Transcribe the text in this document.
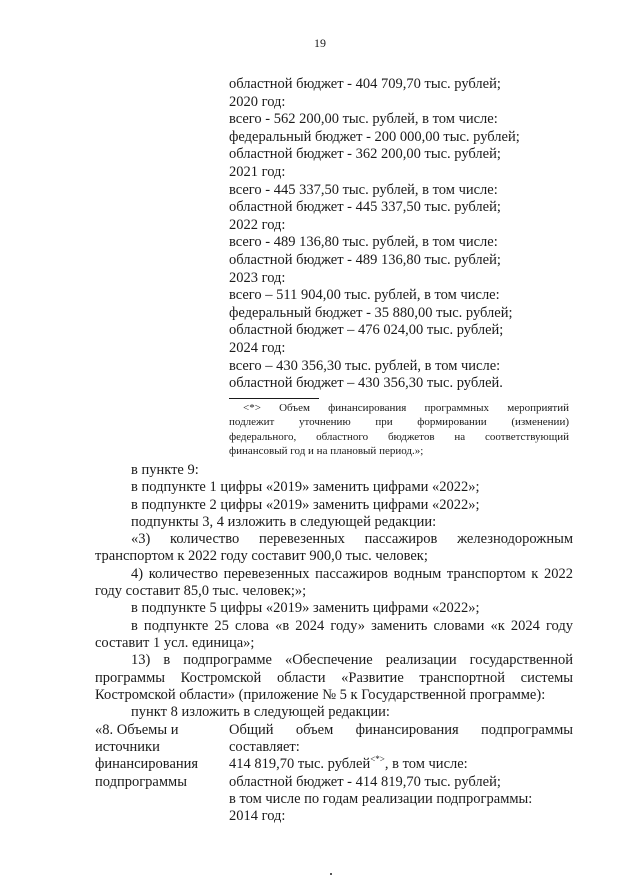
19
областной бюджет - 404 709,70 тыс. рублей;
2020 год:
всего - 562 200,00 тыс. рублей, в том числе:
федеральный бюджет - 200 000,00 тыс. рублей;
областной бюджет - 362 200,00 тыс. рублей;
2021 год:
всего - 445 337,50 тыс. рублей, в том числе:
областной бюджет - 445 337,50 тыс. рублей;
2022 год:
всего - 489 136,80 тыс. рублей, в том числе:
областной бюджет - 489 136,80 тыс. рублей;
2023 год:
всего – 511 904,00 тыс. рублей, в том числе:
федеральный бюджет - 35 880,00 тыс. рублей;
областной бюджет – 476 024,00 тыс. рублей;
2024 год:
всего – 430 356,30 тыс. рублей, в том числе:
областной бюджет – 430 356,30 тыс. рублей.
<*> Объем финансирования программных мероприятий
подлежит уточнению при формировании (изменении)
федерального, областного бюджетов на соответствующий
финансовый год и на плановый период.»;
в пункте 9:
в подпункте 1 цифры «2019» заменить цифрами «2022»;
в подпункте 2 цифры «2019» заменить цифрами «2022»;
подпункты 3, 4 изложить в следующей редакции:
«3) количество перевезенных пассажиров железнодорожным
транспортом к 2022 году составит 900,0 тыс. человек;
4) количество перевезенных пассажиров водным транспортом к 2022
году составит 85,0 тыс. человек;»;
в подпункте 5 цифры «2019» заменить цифрами «2022»;
в подпункте 25 слова «в 2024 году» заменить словами «к 2024 году
составит 1 усл. единица»;
13) в подпрограмме «Обеспечение реализации государственной
программы Костромской области «Развитие транспортной системы
Костромской области» (приложение № 5 к Государственной программе):
пункт 8 изложить в следующей редакции:
«8. Объемы и
источники
финансирования
подпрограммы
Общий объем финансирования подпрограммы
составляет:
414 819,70 тыс. рублей<*>, в том числе:
областной бюджет - 414 819,70 тыс. рублей;
в том числе по годам реализации подпрограммы:
2014 год:
